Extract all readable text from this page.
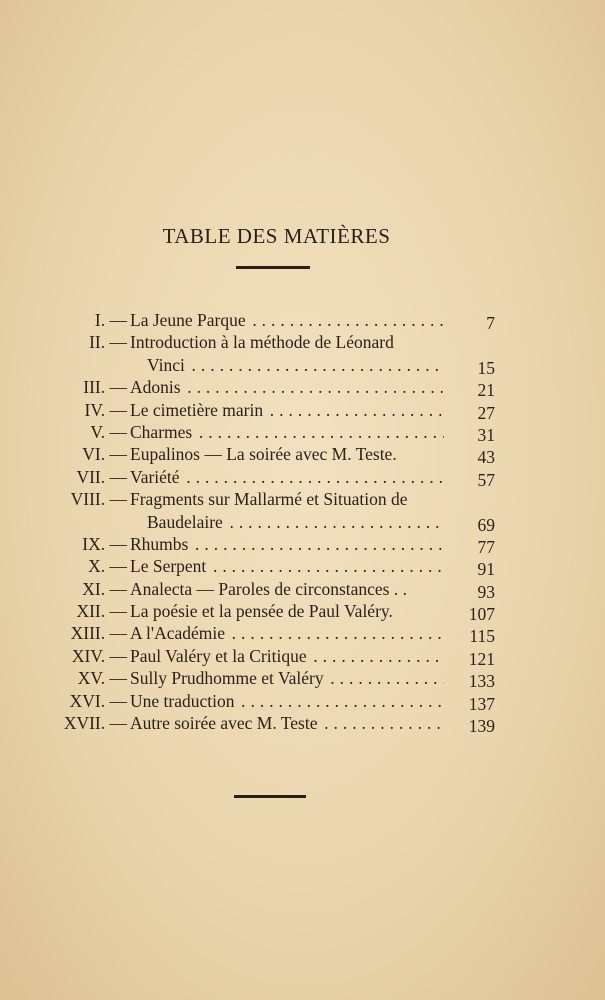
TABLE DES MATIÈRES
I. — La Jeune Parque . . .	7
II. — Introduction à la méthode de Léonard
Vinci . . .	15
III. — Adonis . . .	21
IV. — Le cimetière marin . . .	27
V. — Charmes . . .	31
VI. — Eupalinos — La soirée avec M. Teste.	43
VII. — Variété . . .	57
VIII. — Fragments sur Mallarmé et Situation de
Baudelaire . . .	69
IX. — Rhumbs . . .	77
X. — Le Serpent . . .	91
XI. — Analecta — Paroles de circonstances . .	93
XII. — La poésie et la pensée de Paul Valéry.	107
XIII. — A l'Académie . . .	115
XIV. — Paul Valéry et la Critique . . .	121
XV. — Sully Prudhomme et Valéry . . .	133
XVI. — Une traduction . . .	137
XVII. — Autre soirée avec M. Teste . . .	139
